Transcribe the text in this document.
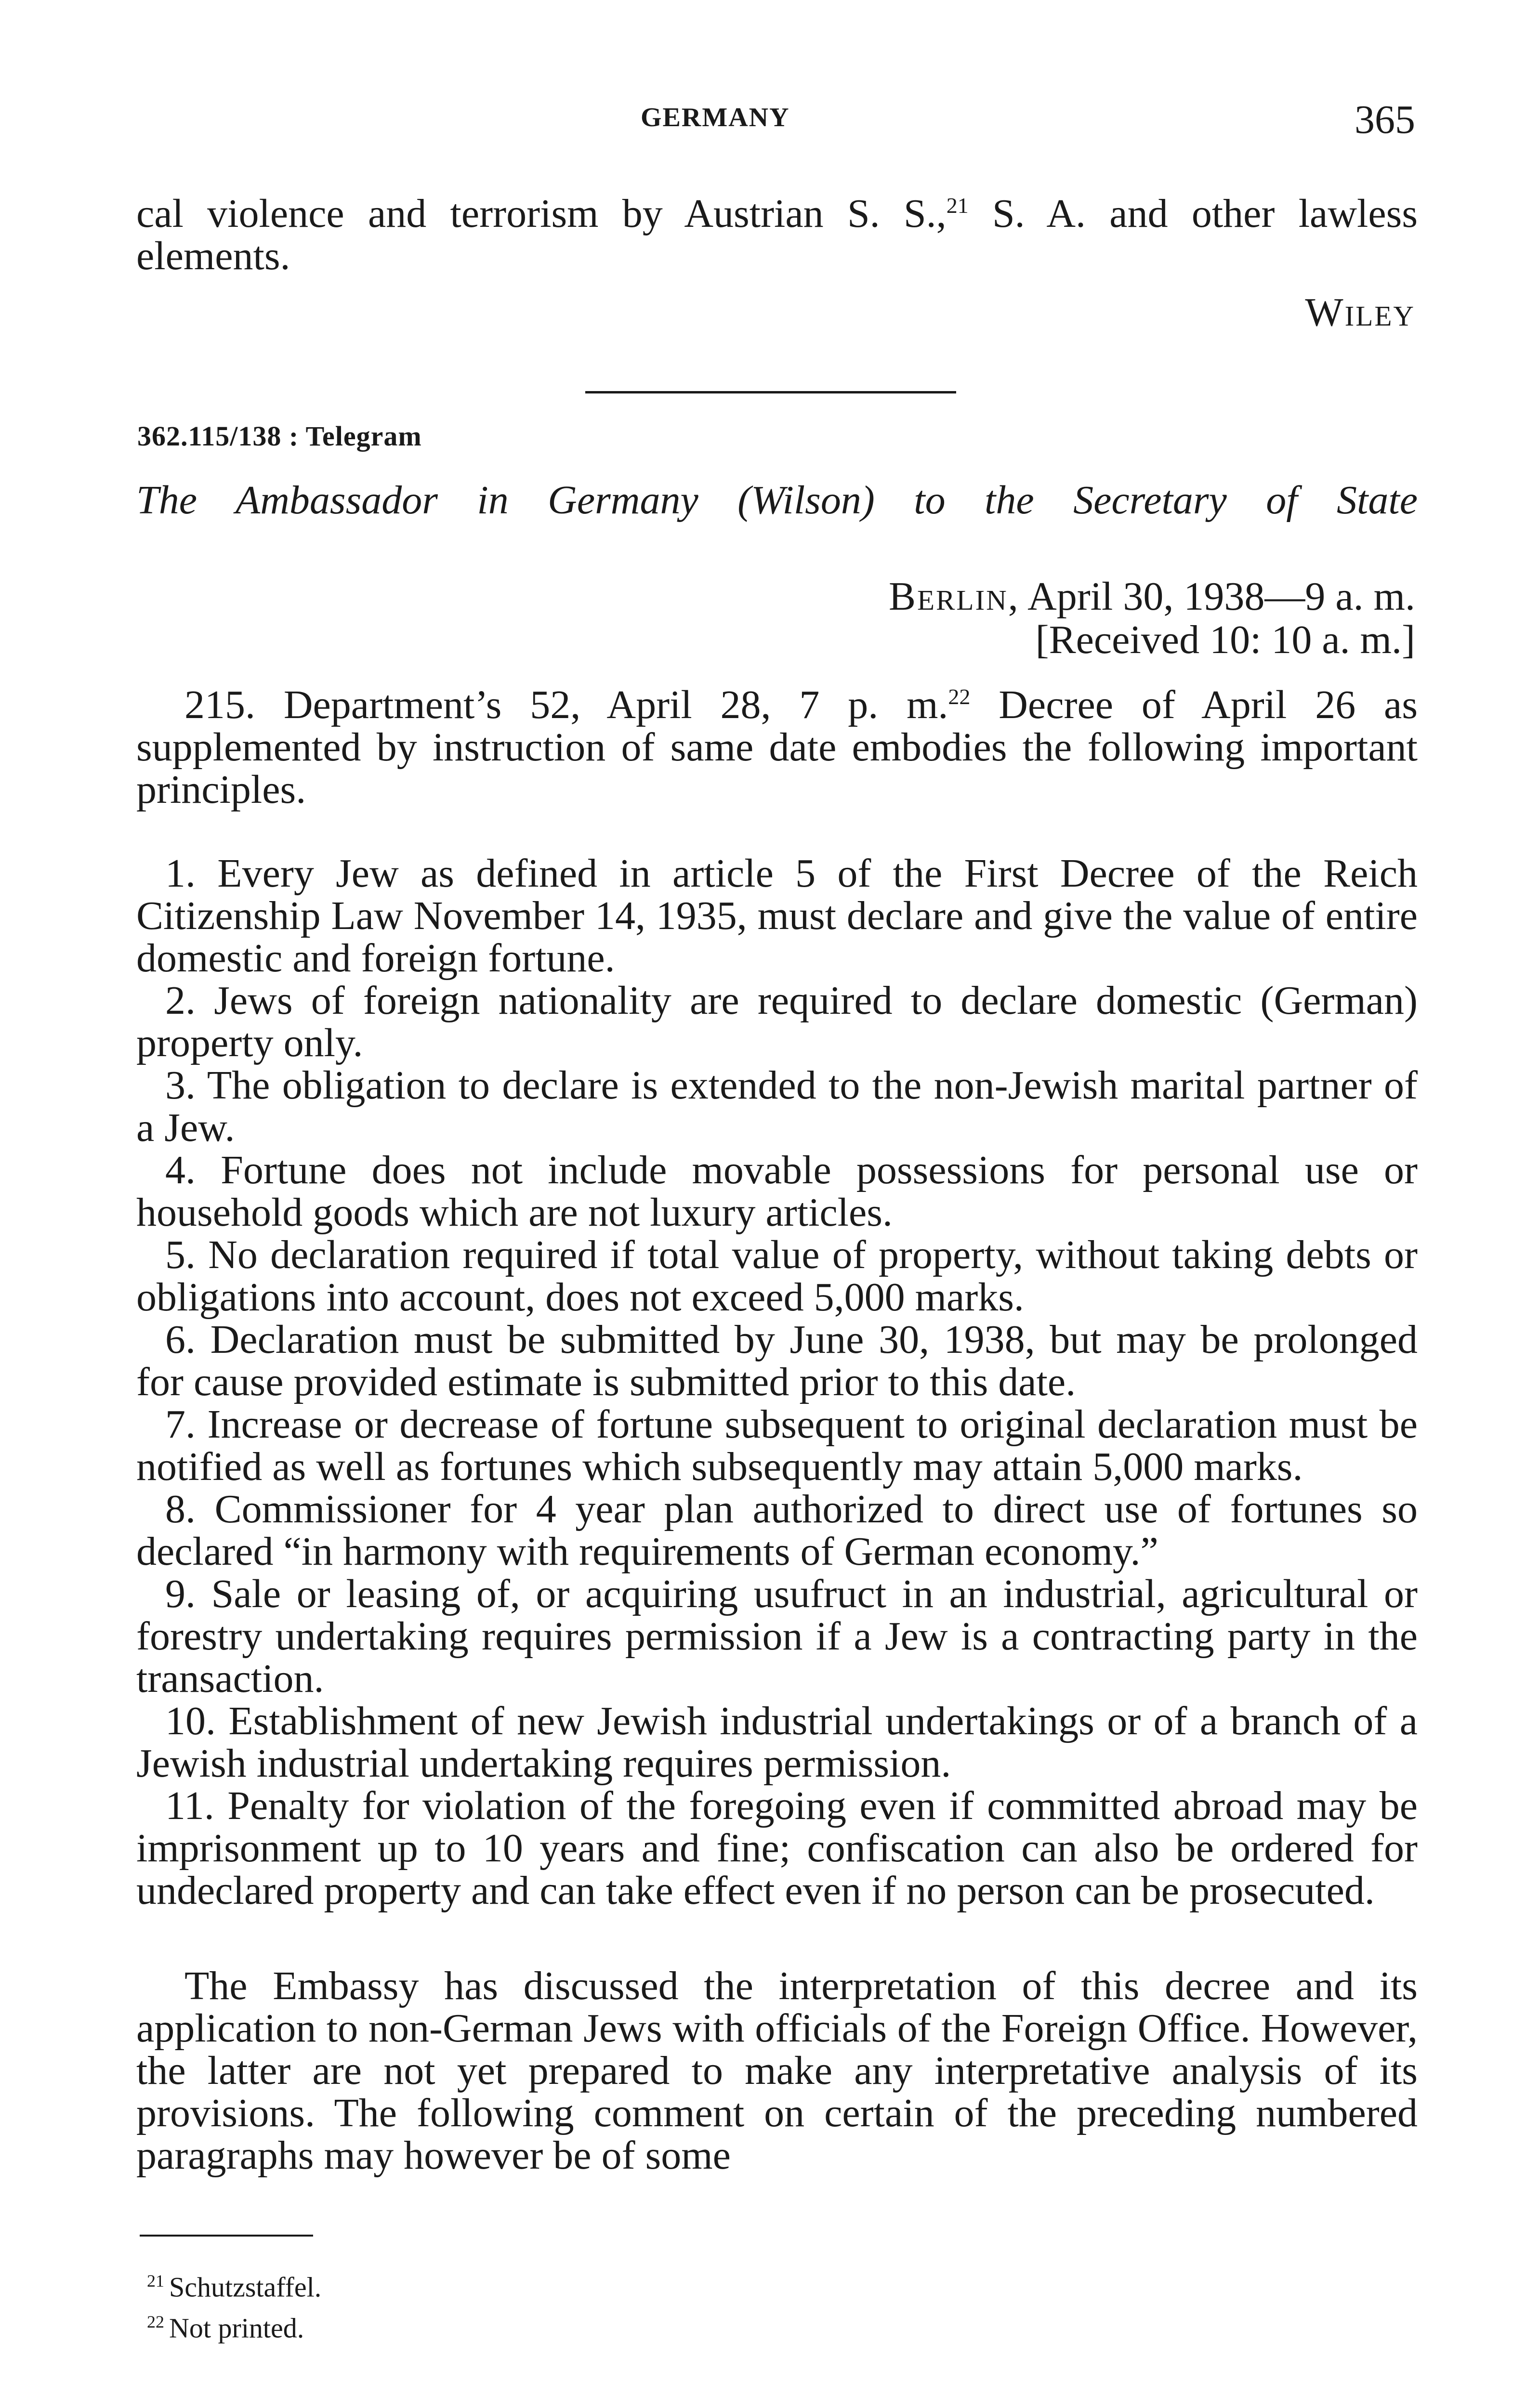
GERMANY	365

cal violence and terrorism by Austrian S. S.,$^{21}$ S. A. and other lawless elements.

Wiley
362.115/138 : Telegram
The Ambassador in Germany (Wilson) to the Secretary of State
Berlin, April 30, 1938—9 a. m.
[Received 10: 10 a. m.]

215. Department’s 52, April 28, 7 p. m.$^{22}$ Decree of April 26 as supplemented by instruction of same date embodies the following important principles.

1. Every Jew as defined in article 5 of the First Decree of the Reich Citizenship Law November 14, 1935, must declare and give the value of entire domestic and foreign fortune.

2. Jews of foreign nationality are required to declare domestic (German) property only.

3. The obligation to declare is extended to the non-Jewish marital partner of a Jew.

4. Fortune does not include movable possessions for personal use or household goods which are not luxury articles.

5. No declaration required if total value of property, without taking debts or obligations into account, does not exceed 5,000 marks.

6. Declaration must be submitted by June 30, 1938, but may be prolonged for cause provided estimate is submitted prior to this date.

7. Increase or decrease of fortune subsequent to original declaration must be notified as well as fortunes which subsequently may attain 5,000 marks.

8. Commissioner for 4 year plan authorized to direct use of fortunes so declared “in harmony with requirements of German economy.”

9. Sale or leasing of, or acquiring usufruct in an industrial, agricultural or forestry undertaking requires permission if a Jew is a contracting party in the transaction.

10. Establishment of new Jewish industrial undertakings or of a branch of a Jewish industrial undertaking requires permission.

11. Penalty for violation of the foregoing even if committed abroad may be imprisonment up to 10 years and fine; confiscation can also be ordered for undeclared property and can take effect even if no person can be prosecuted.

The Embassy has discussed the interpretation of this decree and its application to non-German Jews with officials of the Foreign Office. However, the latter are not yet prepared to make any interpretative analysis of its provisions. The following comment on certain of the preceding numbered paragraphs may however be of some

$^{21}$ Schutzstaffel.

$^{22}$ Not printed.
